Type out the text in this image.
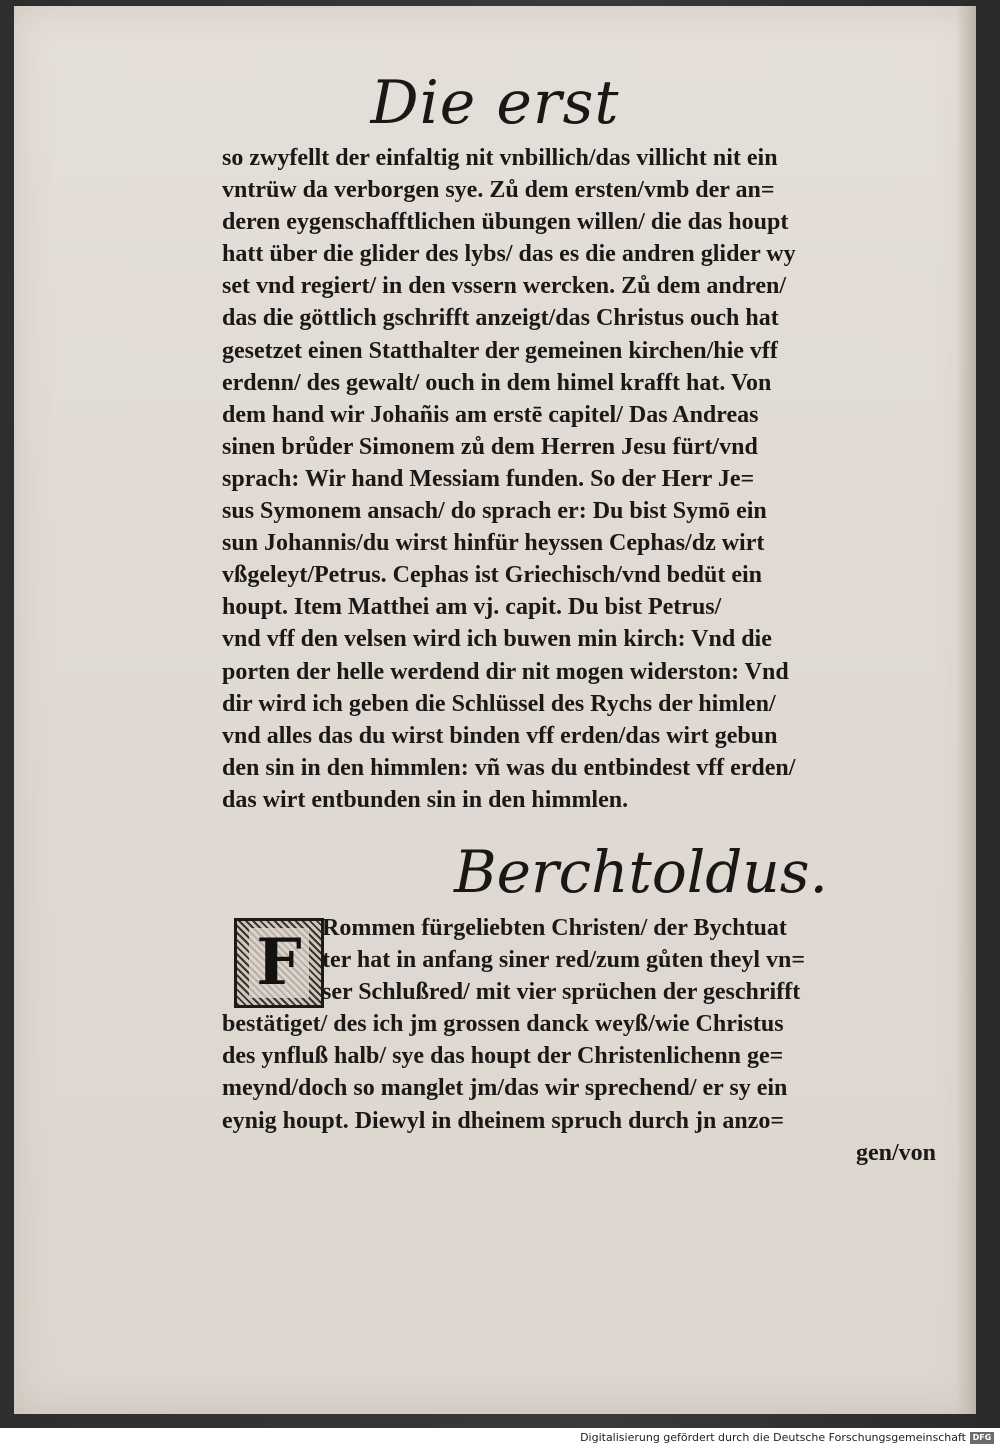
Die erst
so zwyfellt der einfaltig nit vnbillich/das villicht nit ein
vntrüw da verborgen sye. Zů dem ersten/vmb der an=
deren eygenschafftlichen übungen willen/ die das houpt
hatt über die glider des lybs/ das es die andren glider wy
set vnd regiert/ in den vssern wercken. Zů dem andren/
das die göttlich gschrifft anzeigt/das Christus ouch hat
gesetzet einen Statthalter der gemeinen kirchen/hie vff
erdenn/ des gewalt/ ouch in dem himel krafft hat. Von
dem hand wir Johañis am erstē capitel/ Das Andreas
sinen brůder Simonem zů dem Herren Jesu fürt/vnd
sprach: Wir hand Messiam funden. So der Herr Je=
sus Symonem ansach/ do sprach er: Du bist Symō ein
sun Johannis/du wirst hinfür heyssen Cephas/dz wirt
vßgeleyt/Petrus. Cephas ist Griechisch/vnd bedüt ein
houpt. Item Matthei am vj. capit. Du bist Petrus/
vnd vff den velsen wird ich buwen min kirch: Vnd die
porten der helle werdend dir nit mogen widerston: Vnd
dir wird ich geben die Schlüssel des Rychs der himlen/
vnd alles das du wirst binden vff erden/das wirt gebun
den sin in den himmlen: vñ was du entbindest vff erden/
das wirt entbunden sin in den himmlen.
Berchtoldus.
F Rommen fürgeliebten Christen/ der Bychtuat
ter hat in anfang siner red/zum gůten theyl vn=
ser Schlußred/ mit vier sprüchen der geschrifft
bestätiget/ des ich jm grossen danck weyß/wie Christus
des ynfluß halb/ sye das houpt der Christenlichenn ge=
meynd/doch so manglet jm/das wir sprechend/ er sy ein
eynig houpt. Diewyl in dheinem spruch durch jn anzo=
gen/von
Digitalisierung gefördert durch die Deutsche Forschungsgemeinschaft DFG
